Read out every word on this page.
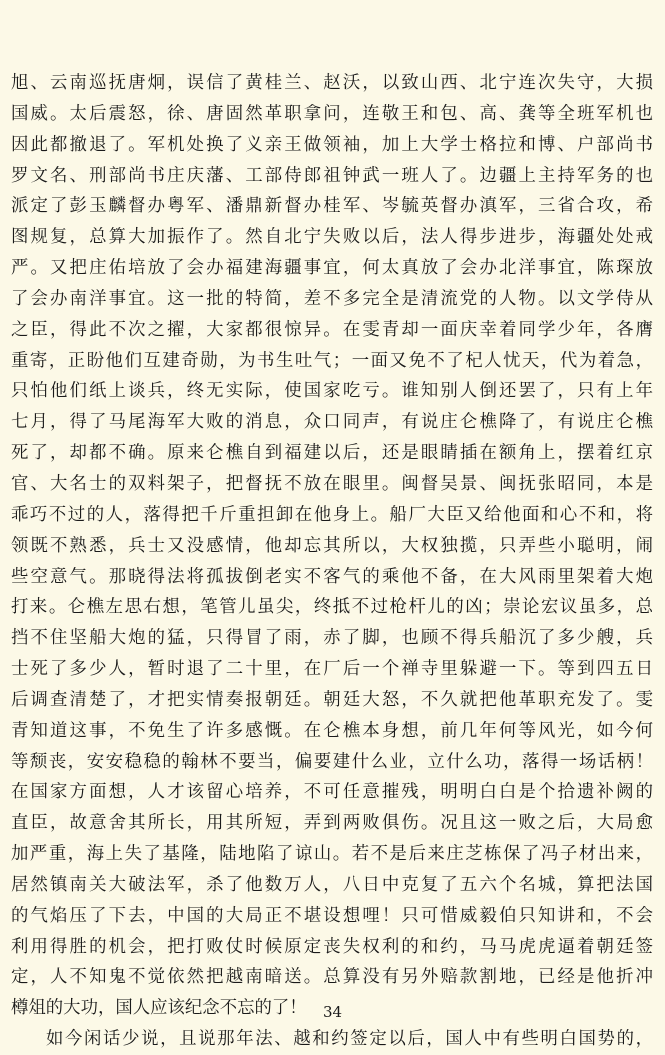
旭、云南巡抚唐炯，误信了黄桂兰、赵沃，以致山西、北宁连次失守，大损
国威。太后震怒，徐、唐固然革职拿问，连敬王和包、高、龚等全班军机也
因此都撤退了。军机处换了义亲王做领袖，加上大学士格拉和博、户部尚书
罗文名、刑部尚书庄庆藩、工部侍郎祖钟武一班人了。边疆上主持军务的也
派定了彭玉麟督办粤军、潘鼎新督办桂军、岑毓英督办滇军，三省合攻，希
图规复，总算大加振作了。然自北宁失败以后，法人得步进步，海疆处处戒
严。又把庄佑培放了会办福建海疆事宜，何太真放了会办北洋事宜，陈琛放
了会办南洋事宜。这一批的特简，差不多完全是清流党的人物。以文学侍从
之臣，得此不次之擢，大家都很惊异。在雯青却一面庆幸着同学少年，各膺
重寄，正盼他们互建奇勋，为书生吐气；一面又免不了杞人忧天，代为着急，
只怕他们纸上谈兵，终无实际，使国家吃亏。谁知别人倒还罢了，只有上年
七月，得了马尾海军大败的消息，众口同声，有说庄仑樵降了，有说庄仑樵
死了，却都不确。原来仑樵自到福建以后，还是眼睛插在额角上，摆着红京
官、大名士的双料架子，把督抚不放在眼里。闽督吴景、闽抚张昭同，本是
乖巧不过的人，落得把千斤重担卸在他身上。船厂大臣又给他面和心不和，将
领既不熟悉，兵士又没感情，他却忘其所以，大权独揽，只弄些小聪明，闹
些空意气。那晓得法将孤拔倒老实不客气的乘他不备，在大风雨里架着大炮
打来。仑樵左思右想，笔管儿虽尖，终抵不过枪杆儿的凶；崇论宏议虽多，总
挡不住坚船大炮的猛，只得冒了雨，赤了脚，也顾不得兵船沉了多少艘，兵
士死了多少人，暂时退了二十里，在厂后一个禅寺里躲避一下。等到四五日
后调查清楚了，才把实情奏报朝廷。朝廷大怒，不久就把他革职充发了。雯
青知道这事，不免生了许多感慨。在仑樵本身想，前几年何等风光，如今何
等颓丧，安安稳稳的翰林不要当，偏要建什么业，立什么功，落得一场话柄！
在国家方面想，人才该留心培养，不可任意摧残，明明白白是个拾遗补阙的
直臣，故意舍其所长，用其所短，弄到两败俱伤。况且这一败之后，大局愈
加严重，海上失了基隆，陆地陷了谅山。若不是后来庄芝栋保了冯子材出来，
居然镇南关大破法军，杀了他数万人，八日中克复了五六个名城，算把法国
的气焰压了下去，中国的大局正不堪设想哩！只可惜威毅伯只知讲和，不会
利用得胜的机会，把打败仗时候原定丧失权利的和约，马马虎虎逼着朝廷签
定，人不知鬼不觉依然把越南暗送。总算没有另外赔款割地，已经是他折冲
樽俎的大功，国人应该纪念不忘的了！
如今闲话少说，且说那年法、越和约签定以后，国人中有些明白国势的，
34
